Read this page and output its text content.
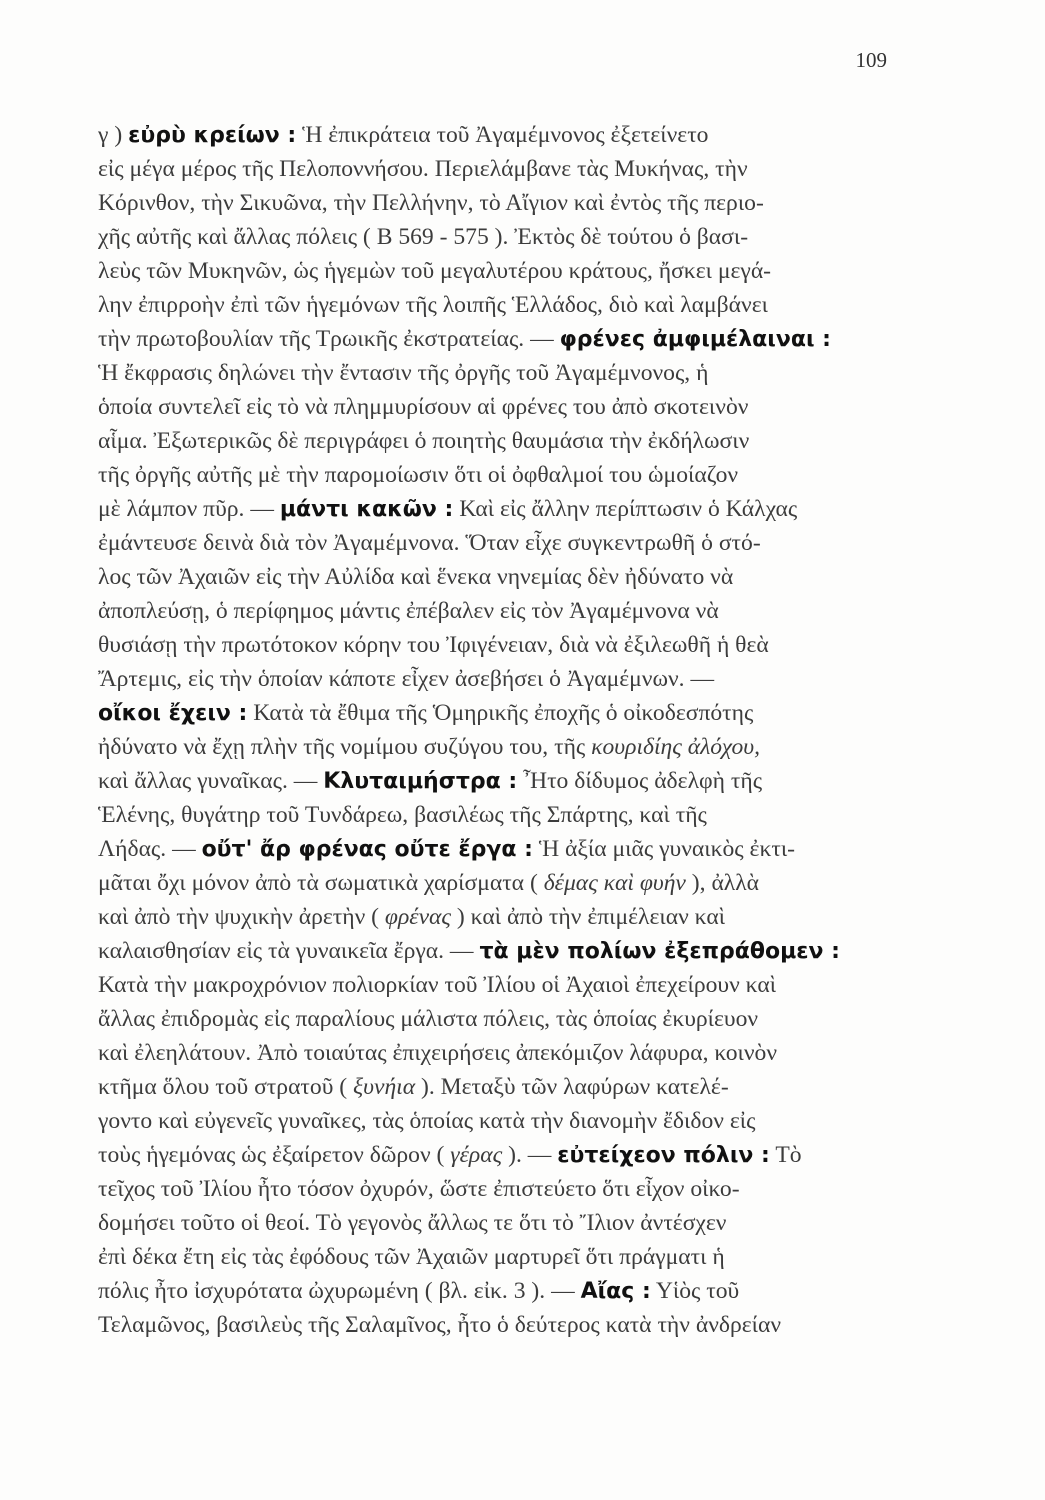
109
γ ) εὐρὺ κρείων : Ἡ ἐπικράτεια τοῦ Ἀγαμέμνονος ἐξετείνετο
εἰς μέγα μέρος τῆς Πελοποννήσου. Περιελάμβανε τὰς Μυκήνας, τὴν
Κόρινθον, τὴν Σικυῶνα, τὴν Πελλήνην, τὸ Αἴγιον καὶ ἐντὸς τῆς περιο-
χῆς αὐτῆς καὶ ἄλλας πόλεις ( Β 569 - 575 ). Ἐκτὸς δὲ τούτου ὁ βασι-
λεὺς τῶν Μυκηνῶν, ὡς ἡγεμὼν τοῦ μεγαλυτέρου κράτους, ἤσκει μεγά-
λην ἐπιρροὴν ἐπὶ τῶν ἡγεμόνων τῆς λοιπῆς Ἑλλάδος, διὸ καὶ λαμβάνει
τὴν πρωτοβουλίαν τῆς Τρωικῆς ἐκστρατείας. — φρένες ἀμφιμέλαιναι :
Ἡ ἔκφρασις δηλώνει τὴν ἔντασιν τῆς ὀργῆς τοῦ Ἀγαμέμνονος, ἡ
ὁποία συντελεῖ εἰς τὸ νὰ πλημμυρίσουν αἱ φρένες του ἀπὸ σκοτεινὸν
αἷμα. Ἐξωτερικῶς δὲ περιγράφει ὁ ποιητὴς θαυμάσια τὴν ἐκδήλωσιν
τῆς ὀργῆς αὐτῆς μὲ τὴν παρομοίωσιν ὅτι οἱ ὀφθαλμοί του ὡμοίαζον
μὲ λάμπον πῦρ. — μάντι κακῶν : Καὶ εἰς ἄλλην περίπτωσιν ὁ Κάλχας
ἐμάντευσε δεινὰ διὰ τὸν Ἀγαμέμνονα. Ὅταν εἶχε συγκεντρωθῆ ὁ στό-
λος τῶν Ἀχαιῶν εἰς τὴν Αὐλίδα καὶ ἕνεκα νηνεμίας δὲν ἠδύνατο νὰ
ἀποπλεύσῃ, ὁ περίφημος μάντις ἐπέβαλεν εἰς τὸν Ἀγαμέμνονα νὰ
θυσιάσῃ τὴν πρωτότοκον κόρην του Ἰφιγένειαν, διὰ νὰ ἐξιλεωθῆ ἡ θεὰ
Ἄρτεμις, εἰς τὴν ὁποίαν κάποτε εἶχεν ἀσεβήσει ὁ Ἀγαμέμνων. —
οἴκοι ἔχειν : Κατὰ τὰ ἔθιμα τῆς Ὁμηρικῆς ἐποχῆς ὁ οἰκοδεσπότης
ἠδύνατο νὰ ἔχῃ πλὴν τῆς νομίμου συζύγου του, τῆς κουριδίης ἀλόχου,
καὶ ἄλλας γυναῖκας. — Κλυταιμήστρα : Ἦτο δίδυμος ἀδελφὴ τῆς
Ἑλένης, θυγάτηρ τοῦ Τυνδάρεω, βασιλέως τῆς Σπάρτης, καὶ τῆς
Λήδας. — οὔτ' ἄρ φρένας οὔτε ἔργα : Ἡ ἀξία μιᾶς γυναικὸς ἐκτι-
μᾶται ὄχι μόνον ἀπὸ τὰ σωματικὰ χαρίσματα ( δέμας καὶ φυήν ), ἀλλὰ
καὶ ἀπὸ τὴν ψυχικὴν ἀρετὴν ( φρένας ) καὶ ἀπὸ τὴν ἐπιμέλειαν καὶ
καλαισθησίαν εἰς τὰ γυναικεῖα ἔργα. — τὰ μὲν πολίων ἐξεπράθομεν :
Κατὰ τὴν μακροχρόνιον πολιορκίαν τοῦ Ἰλίου οἱ Ἀχαιοὶ ἐπεχείρουν καὶ
ἄλλας ἐπιδρομὰς εἰς παραλίους μάλιστα πόλεις, τὰς ὁποίας ἐκυρίευον
καὶ ἐλεηλάτουν. Ἀπὸ τοιαύτας ἐπιχειρήσεις ἀπεκόμιζον λάφυρα, κοινὸν
κτῆμα ὅλου τοῦ στρατοῦ ( ξυνήια ). Μεταξὺ τῶν λαφύρων κατελέ-
γοντο καὶ εὐγενεῖς γυναῖκες, τὰς ὁποίας κατὰ τὴν διανομὴν ἔδιδον εἰς
τοὺς ἡγεμόνας ὡς ἐξαίρετον δῶρον ( γέρας ). — εὐτείχεον πόλιν : Τὸ
τεῖχος τοῦ Ἰλίου ἦτο τόσον ὀχυρόν, ὥστε ἐπιστεύετο ὅτι εἶχον οἰκο-
δομήσει τοῦτο οἱ θεοί. Τὸ γεγονὸς ἄλλως τε ὅτι τὸ Ἴλιον ἀντέσχεν
ἐπὶ δέκα ἔτη εἰς τὰς ἐφόδους τῶν Ἀχαιῶν μαρτυρεῖ ὅτι πράγματι ἡ
πόλις ἦτο ἰσχυρότατα ὠχυρωμένη ( βλ. εἰκ. 3 ). — Αἴας : Υἱὸς τοῦ
Τελαμῶνος, βασιλεὺς τῆς Σαλαμῖνος, ἦτο ὁ δεύτερος κατὰ τὴν ἀνδρείαν
